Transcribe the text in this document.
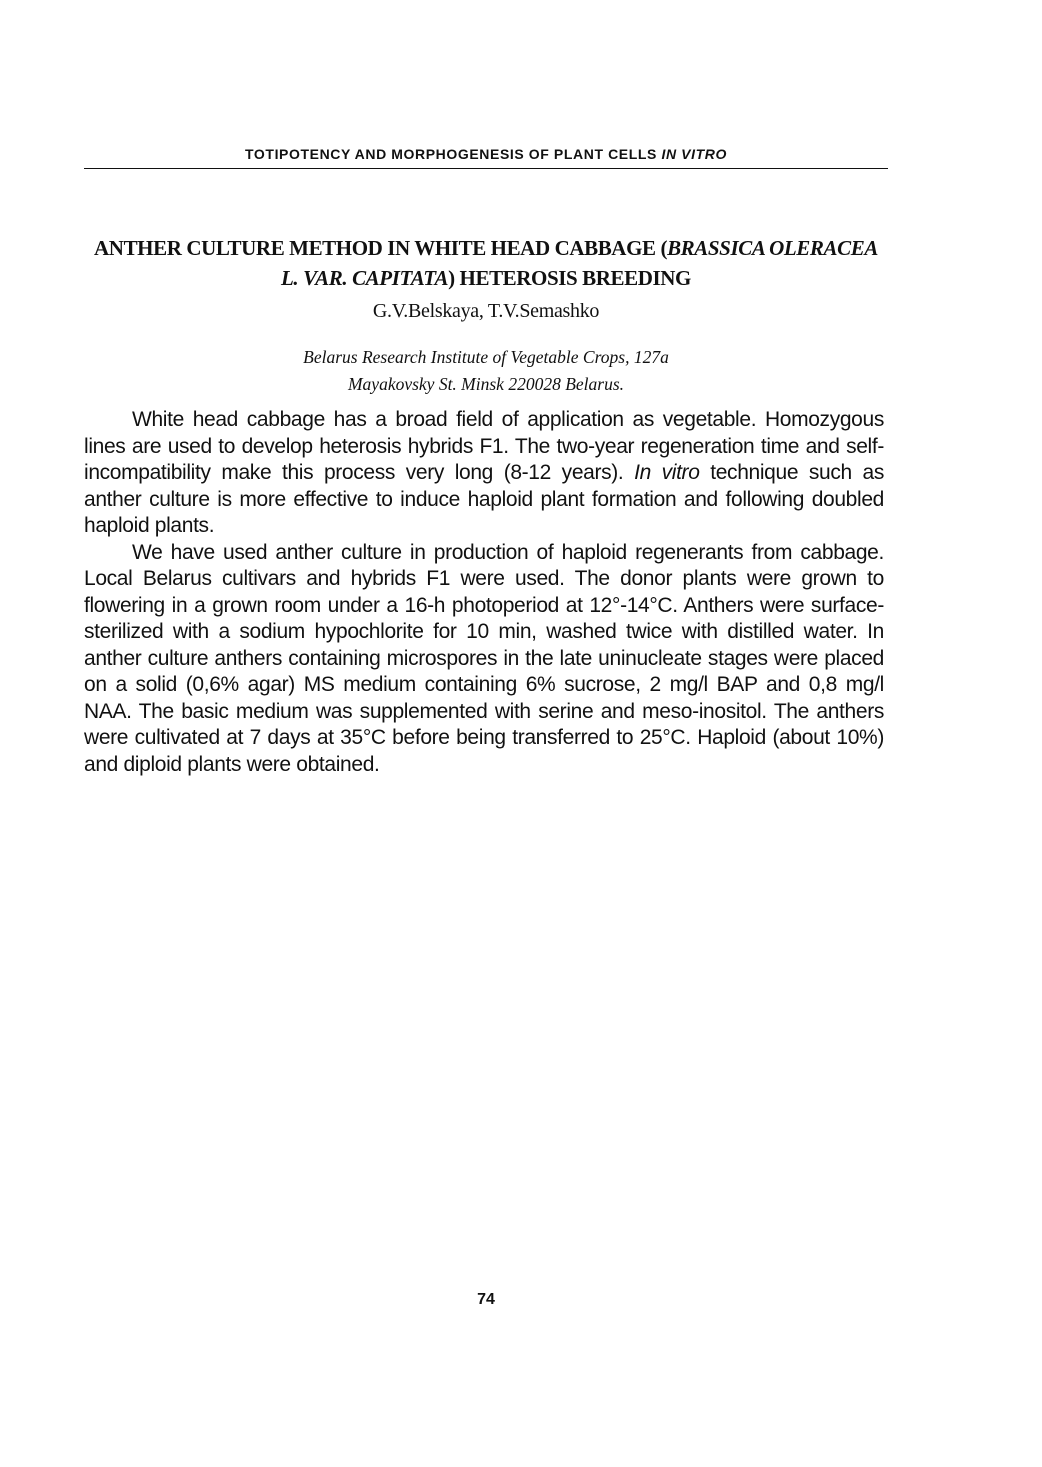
TOTIPOTENCY AND MORPHOGENESIS OF PLANT CELLS IN VITRO
ANTHER CULTURE METHOD IN WHITE HEAD CABBAGE (BRASSICA OLERACEA L. VAR. CAPITATA) HETEROSIS BREEDING
G.V.Belskaya, T.V.Semashko
Belarus Research Institute of Vegetable Crops, 127a
Mayakovsky St. Minsk 220028 Belarus.

White head cabbage has a broad field of application as vegetable. Homozygous lines are used to develop heterosis hybrids F1. The two-year regeneration time and self-incompatibility make this process very long (8-12 years). In vitro technique such as anther culture is more effective to induce haploid plant formation and following doubled haploid plants.

We have used anther culture in production of haploid regenerants from cabbage. Local Belarus cultivars and hybrids F1 were used. The donor plants were grown to flowering in a grown room under a 16-h photoperiod at 12°-14°C. Anthers were surface-sterilized with a sodium hypochlorite for 10 min, washed twice with distilled water. In anther culture anthers containing microspores in the late uninucleate stages were placed on a solid (0,6% agar) MS medium containing 6% sucrose, 2 mg/l BAP and 0,8 mg/l NAA. The basic medium was supplemented with serine and meso-inositol. The anthers were cultivated at 7 days at 35°C before being transferred to 25°C. Haploid (about 10%) and diploid plants were obtained.

74
